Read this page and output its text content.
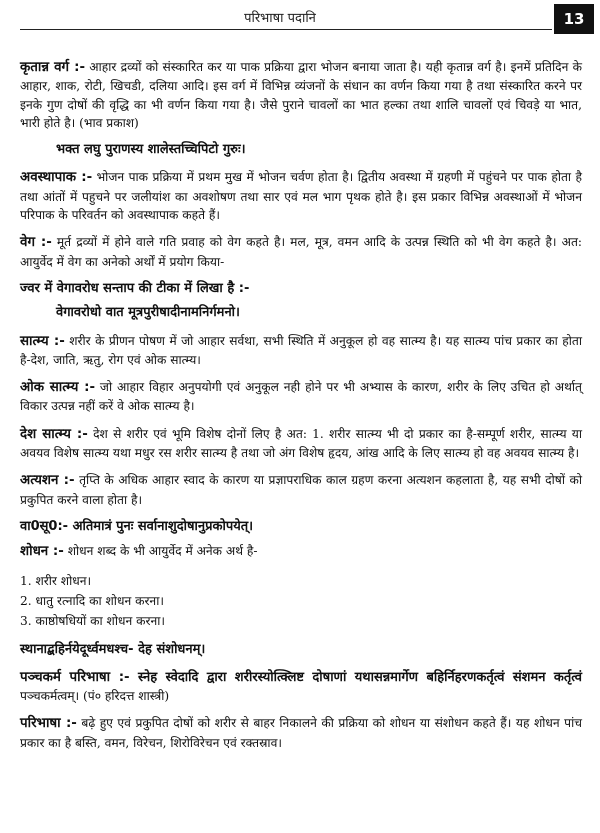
परिभाषा पदानि	13

कृतान्न वर्ग :- आहार द्रव्यों को संस्कारित कर या पाक प्रक्रिया द्वारा भोजन बनाया जाता है। यही कृतान्न वर्ग है। इनमें प्रतिदिन के आहार, शाक, रोटी, खिचडी, दलिया आदि। इस वर्ग में विभिन्न व्यंजनों के संधान का वर्णन किया गया है तथा संस्कारित करने पर इनके गुण दोषों की वृद्धि का भी वर्णन किया गया है। जैसे पुराने चावलों का भात हल्का तथा शालि चावलों एवं चिवड़े या भात, भारी होते है। (भाव प्रकाश)

भक्त लघु पुराणस्य शालेस्तच्चिपिटो गुरुः।

अवस्थापाक :- भोजन पाक प्रक्रिया में प्रथम मुख में भोजन चर्वण होता है। द्वितीय अवस्था में ग्रहणी में पहुंचने पर पाक होता है तथा आंतों में पहुचने पर जलीयांश का अवशोषण तथा सार एवं मल भाग पृथक होते है। इस प्रकार विभिन्न अवस्थाओं में भोजन परिपाक के परिवर्तन को अवस्थापाक कहते हैं।

वेग :- मूर्त द्रव्यों में होने वाले गति प्रवाह को वेग कहते है। मल, मूत्र, वमन आदि के उत्पन्न स्थिति को भी वेग कहते है। अत: आयुर्वेद में वेग का अनेको अर्थों में प्रयोग किया-

ज्वर में वेगावरोध सन्ताप की टीका में लिखा है :-

वेगावरोधो वात मूत्रपुरीषादीनामनिर्गमनो।

सात्म्य :- शरीर के प्रीणन पोषण में जो आहार सर्वथा, सभी स्थिति में अनुकूल हो वह सात्म्य है। यह सात्म्य पांच प्रकार का होता है-देश, जाति, ऋतु, रोग एवं ओक सात्म्य।

ओक सात्म्य :- जो आहार विहार अनुपयोगी एवं अनुकूल नही होने पर भी अभ्यास के कारण, शरीर के लिए उचित हो अर्थात् विकार उत्पन्न नहीं करें वे ओक सात्म्य है।

देश सात्म्य :- देश से शरीर एवं भूमि विशेष दोनों लिए है अत: 1. शरीर सात्म्य भी दो प्रकार का है-सम्पूर्ण शरीर, सात्म्य या अवयव विशेष सात्म्य यथा मधुर रस शरीर सात्म्य है तथा जो अंग विशेष हृदय, आंख आदि के लिए सात्म्य हो वह अवयव सात्म्य है।

अत्यशन :- तृप्ति के अधिक आहार स्वाद के कारण या प्रज्ञापराधिक काल ग्रहण करना अत्यशन कहलाता है, यह सभी दोषों को प्रकुपित करने वाला होता है।

वा0सू0:- अतिमात्रं पुनः सर्वानाशुदोषानुप्रकोपयेत्।

शोधन :- शोधन शब्द के भी आयुर्वेद में अनेक अर्थ है-

1. शरीर शोधन।
2. धातु रत्नादि का शोधन करना।
3. काष्ठोषधियों का शोधन करना।

स्थानाद्बहिर्नयेदूर्ध्वमधश्च- देह संशोधनम्।

पञ्चकर्म परिभाषा :- स्नेह स्वेदादि द्वारा शरीरस्योत्क्लिष्ट दोषाणां यथासन्नमार्गेण बहिर्निहरणकर्तृत्वं संशमन कर्तृत्वं पञ्चकर्मत्वम्। (पं० हरिदत्त शास्त्री)

परिभाषा :- बढ़े हुए एवं प्रकुपित दोषों को शरीर से बाहर निकालने की प्रक्रिया को शोधन या संशोधन कहते हैं। यह शोधन पांच प्रकार का है बस्ति, वमन, विरेचन, शिरोविरेचन एवं रक्तस्राव।
